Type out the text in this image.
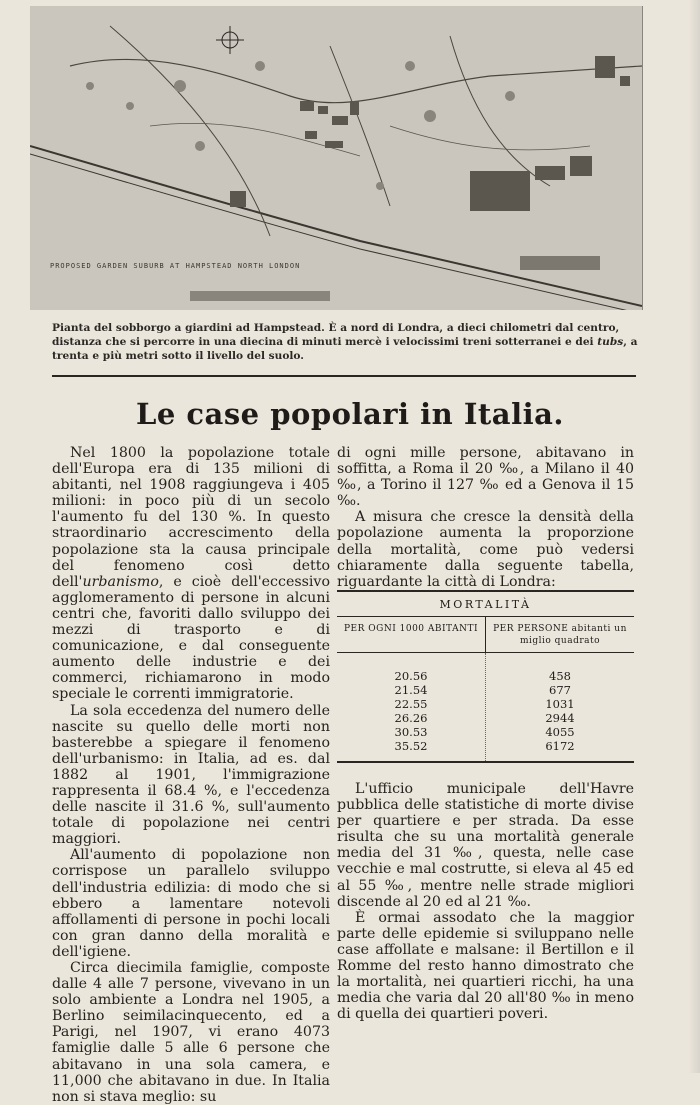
PROPOSED GARDEN SUBURB AT HAMPSTEAD NORTH LONDON
Pianta del sobborgo a giardini ad Hampstead. È a nord di Londra, a dieci chilometri dal centro, distanza che si percorre in una diecina di minuti mercè i velocissimi treni sotterranei e dei tubs, a trenta e più metri sotto il livello del suolo.
Le case popolari in Italia.

Nel 1800 la popolazione totale dell'Europa era di 135 milioni di abitanti, nel 1908 raggiungeva i 405 milioni: in poco più di un secolo l'aumento fu del 130 %. In questo straordinario accrescimento della popolazione sta la causa principale del fenomeno così detto dell'urbanismo, e cioè dell'eccessivo agglomeramento di persone in alcuni centri che, favoriti dallo sviluppo dei mezzi di trasporto e di comunicazione, e dal conseguente aumento delle industrie e dei commerci, richiamarono in modo speciale le correnti immigratorie.

La sola eccedenza del numero delle nascite su quello delle morti non basterebbe a spiegare il fenomeno dell'urbanismo: in Italia, ad es. dal 1882 al 1901, l'immigrazione rappresenta il 68.4 %, e l'eccedenza delle nascite il 31.6 %, sull'aumento totale di popolazione nei centri maggiori.

All'aumento di popolazione non corrispose un parallelo sviluppo dell'industria edilizia: di modo che si ebbero a lamentare notevoli affollamenti di persone in pochi locali con gran danno della moralità e dell'igiene.

Circa diecimila famiglie, composte dalle 4 alle 7 persone, vivevano in un solo ambiente a Londra nel 1905, a Berlino seimilacinquecento, ed a Parigi, nel 1907, vi erano 4073 famiglie dalle 5 alle 6 persone che abitavano in una sola camera, e 11,000 che abitavano in due. In Italia non si stava meglio: su

di ogni mille persone, abitavano in soffitta, a Roma il 20 ‰, a Milano il 40 ‰, a Torino il 127 ‰ ed a Genova il 15 ‰.

A misura che cresce la densità della popolazione aumenta la proporzione della mortalità, come può vedersi chiaramente dalla seguente tabella, riguardante la città di Londra:

MORTALITÀ
PER OGNI 1000 ABITANTI	PER PERSONE abitanti un miglio quadrato
20.56
21.54
22.55
26.26
30.53
35.52
458
677
1031
2944
4055
6172

L'ufficio municipale dell'Havre pubblica delle statistiche di morte divise per quartiere e per strada. Da esse risulta che su una mortalità generale media del 31 ‰, questa, nelle case vecchie e mal costrutte, si eleva al 45 ed al 55 ‰, mentre nelle strade migliori discende al 20 ed al 21 ‰.

È ormai assodato che la maggior parte delle epidemie si sviluppano nelle case affollate e malsane: il Bertillon e il Romme del resto hanno dimostrato che la mortalità, nei quartieri ricchi, ha una media che varia dal 20 all'80 ‰ in meno di quella dei quartieri poveri.
